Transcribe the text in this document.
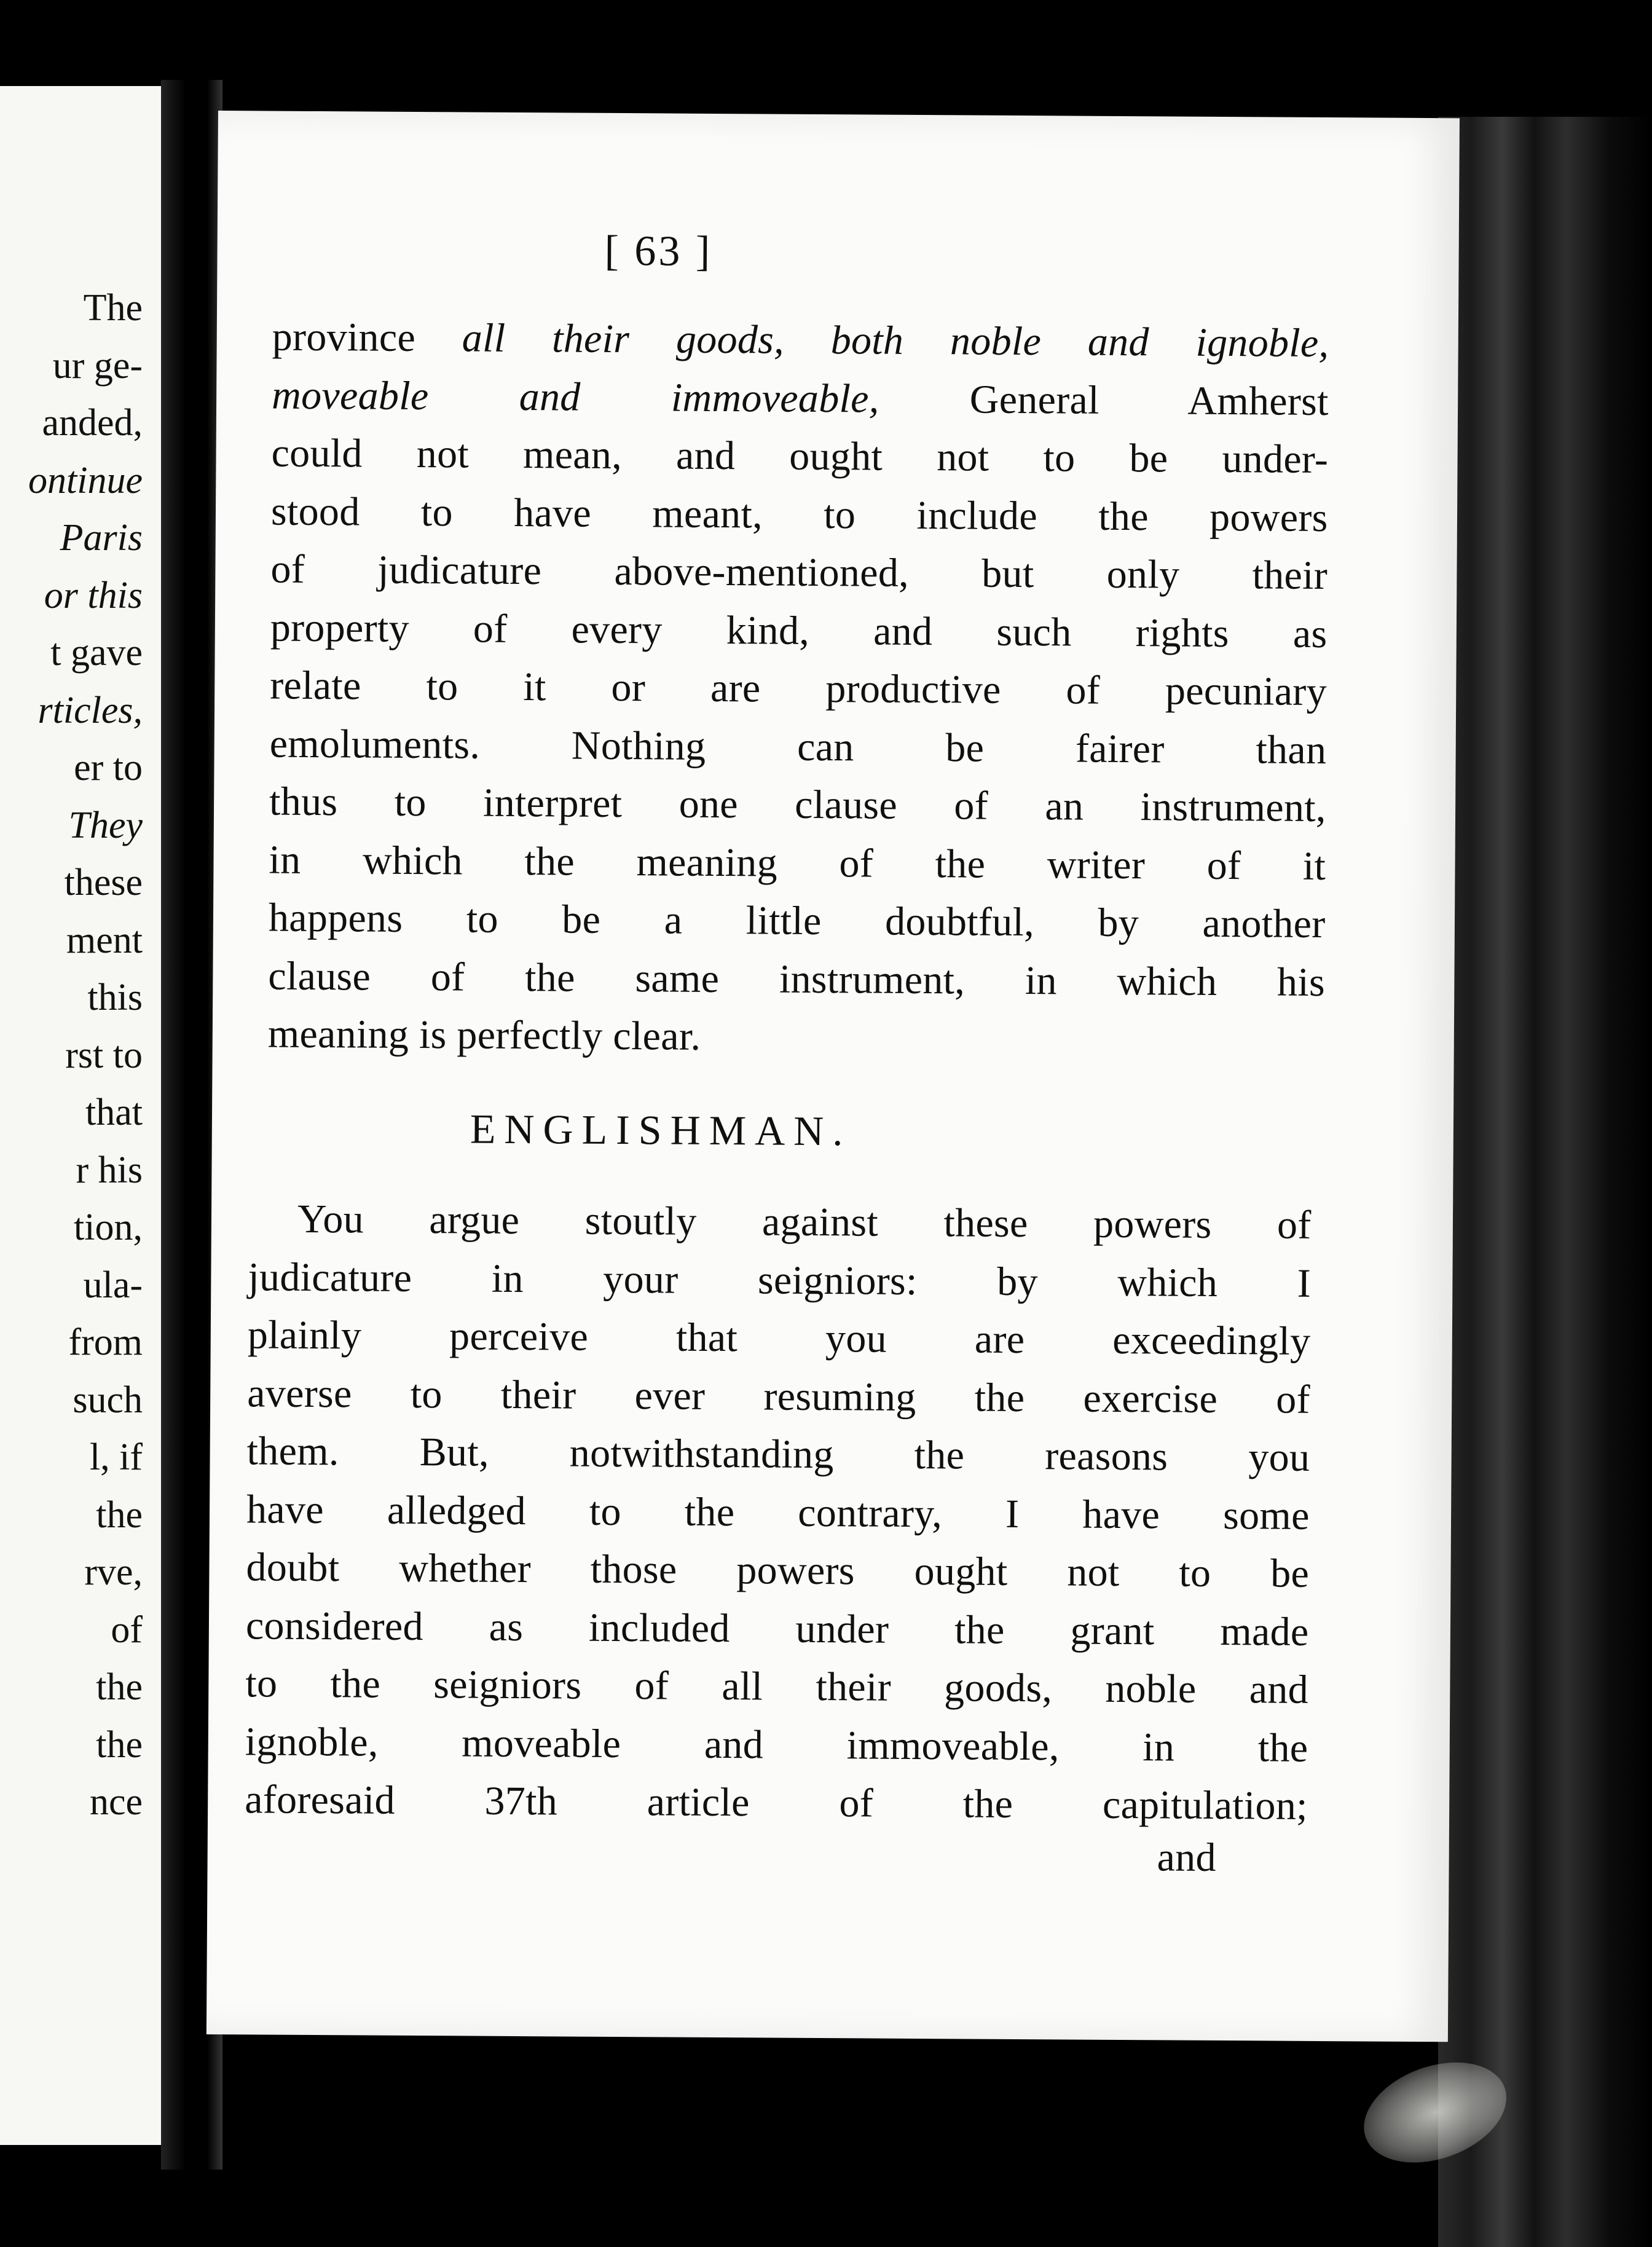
The
ur ge-
anded,
ontinue
Paris
or this
t gave
rticles,
er to
They
these
ment
this
rst to
that
r his
tion,
ula-
from
such
l, if
the
rve,
of
the
the
nce
[ 63 ]
province all their goods, both noble and ignoble,
moveable and immoveable, General Amherst
could not mean, and ought not to be under-
stood to have meant, to include the powers
of judicature above-mentioned, but only their
property of every kind, and such rights as
relate to it or are productive of pecuniary
emoluments. Nothing can be fairer than
thus to interpret one clause of an instrument,
in which the meaning of the writer of it
happens to be a little doubtful, by another
clause of the same instrument, in which his
meaning is perfectly clear.
ENGLISHMAN.
You argue stoutly against these powers of
judicature in your seigniors: by which I
plainly perceive that you are exceedingly
averse to their ever resuming the exercise of
them. But, notwithstanding the reasons you
have alledged to the contrary, I have some
doubt whether those powers ought not to be
considered as included under the grant made
to the seigniors of all their goods, noble and
ignoble, moveable and immoveable, in the
aforesaid 37th article of the capitulation;
and
